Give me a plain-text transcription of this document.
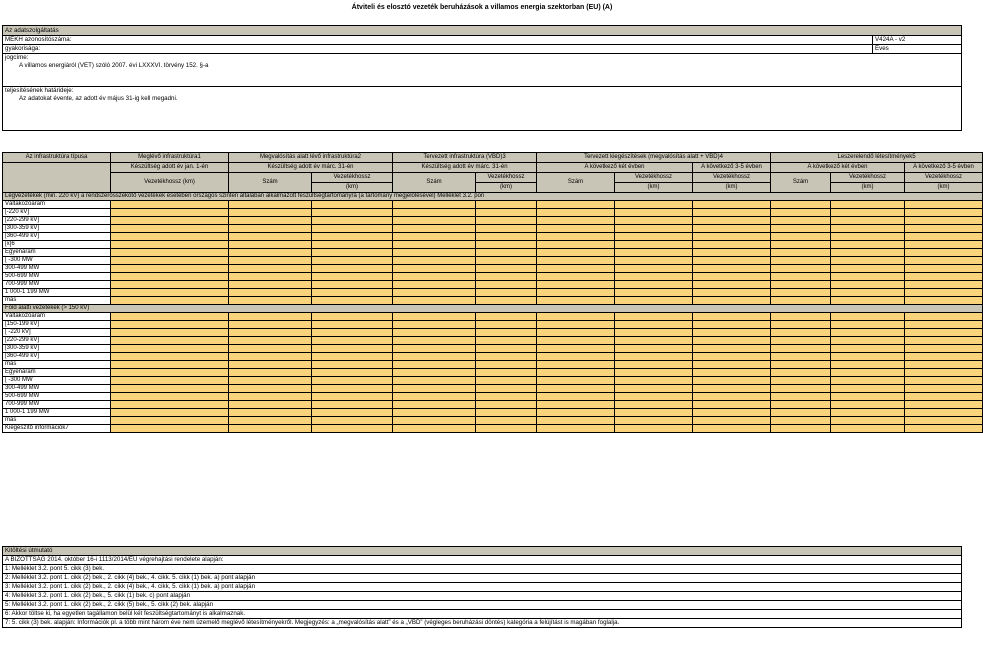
Átviteli és elosztó vezeték beruházások a villamos energia szektorban (EU) (A)
Az adatszolgáltatás
MEKH azonosítószáma:	V424A - v2
gyakorisága:	Éves
jogcíme:
A villamos energiáról (VET) szóló 2007. évi LXXXVI. törvény 152. §-a
teljesítésének határideje:
Az adatokat évente, az adott év május 31-ig kell megadni.
Az infrastruktúra típusa	Meglévő infrastruktúra1	Megvalósítás alatt lévő infrastruktúra2		Tervezett infrastruktúra (VBD)3		Tervezett kiegészítések (megvalósítás alatt + VBD)4			Leszerelendő létesítmények5		
	Készültség adott év jan. 1-én	Készültség adott év márc. 31-én		Készültség adott év márc. 31-én		A következő két évben		A következő 3-5 évben	A következő két évben		A következő 3-5 évben
	Vezetékhossz (km)	Szám	Vezetékhossz	Szám	Vezetékhossz	Szám	Vezetékhossz	Vezetékhossz	Szám	Vezetékhossz	Vezetékhossz
			(km)		(km)		(km)	(km)		(km)	(km)
Légvezetékek (min. 220 kV) a rendszerösszekötő vezetékek esetében országos szinten általában alkalmazott feszültségtartományra (a tartomány megjelölésével) Melléklet 3.2. pon											
Váltakozóáram											
[-220 kV]											
[220-299 kV]											
[300-359 kV]											
[360-499 kV]											
[x]6											
Egyenáram											
[ -300 MW											
300-499 MW											
500-699 MW											
700-999 MW											
1 000-1 199 MW											
más											
Föld alatti vezetékek (> 150 kV)											
Váltakozóáram											
[150-199 kV]											
[ -220 kV]											
[220-299 kV]											
[300-359 kV]											
[360-499 kV]											
más											
Egyenáram											
[ -300 MW											
300-499 MW											
500-699 MW											
700-999 MW											
1 000-1 199 MW											
más											
Kiegészítő információk7											
Kitöltési útmutató
A BIZOTTSÁG 2014. október 16-i 1113/2014/EU végrehajtási rendelete alapján:
1: Melléklet 3.2. pont 5. cikk (3) bek.
2: Melléklet 3.2. pont 1. cikk (2) bek., 2. cikk (4) bek., 4. cikk. 5. cikk (1) bek. a) pont alapján
3: Melléklet 3.2. pont 1. cikk (2) bek., 2. cikk (4) bek., 4. cikk, 5. cikk (1) bek. a) pont alapján
4: Melléklet 3.2. pont 1. cikk (2) bek., 5. cikk (1) bek. c) pont alapján
5: Melléklet 3.2. pont 1. cikk (2) bek., 2. cikk (5) bek., 5. cikk (2) bek. alapján
6: Akkor töltse ki, ha egyetlen tagállamon belül két feszültségtartományt is alkalmaznak.
7: 5. cikk (3) bek. alapján: Információk pl. a több mint három éve nem üzemelő meglévő létesítményekről. Megjegyzés: a „megvalósítás alatt” és a „VBD” (végleges beruházási döntés) kategória a felújítást is magában foglalja.
